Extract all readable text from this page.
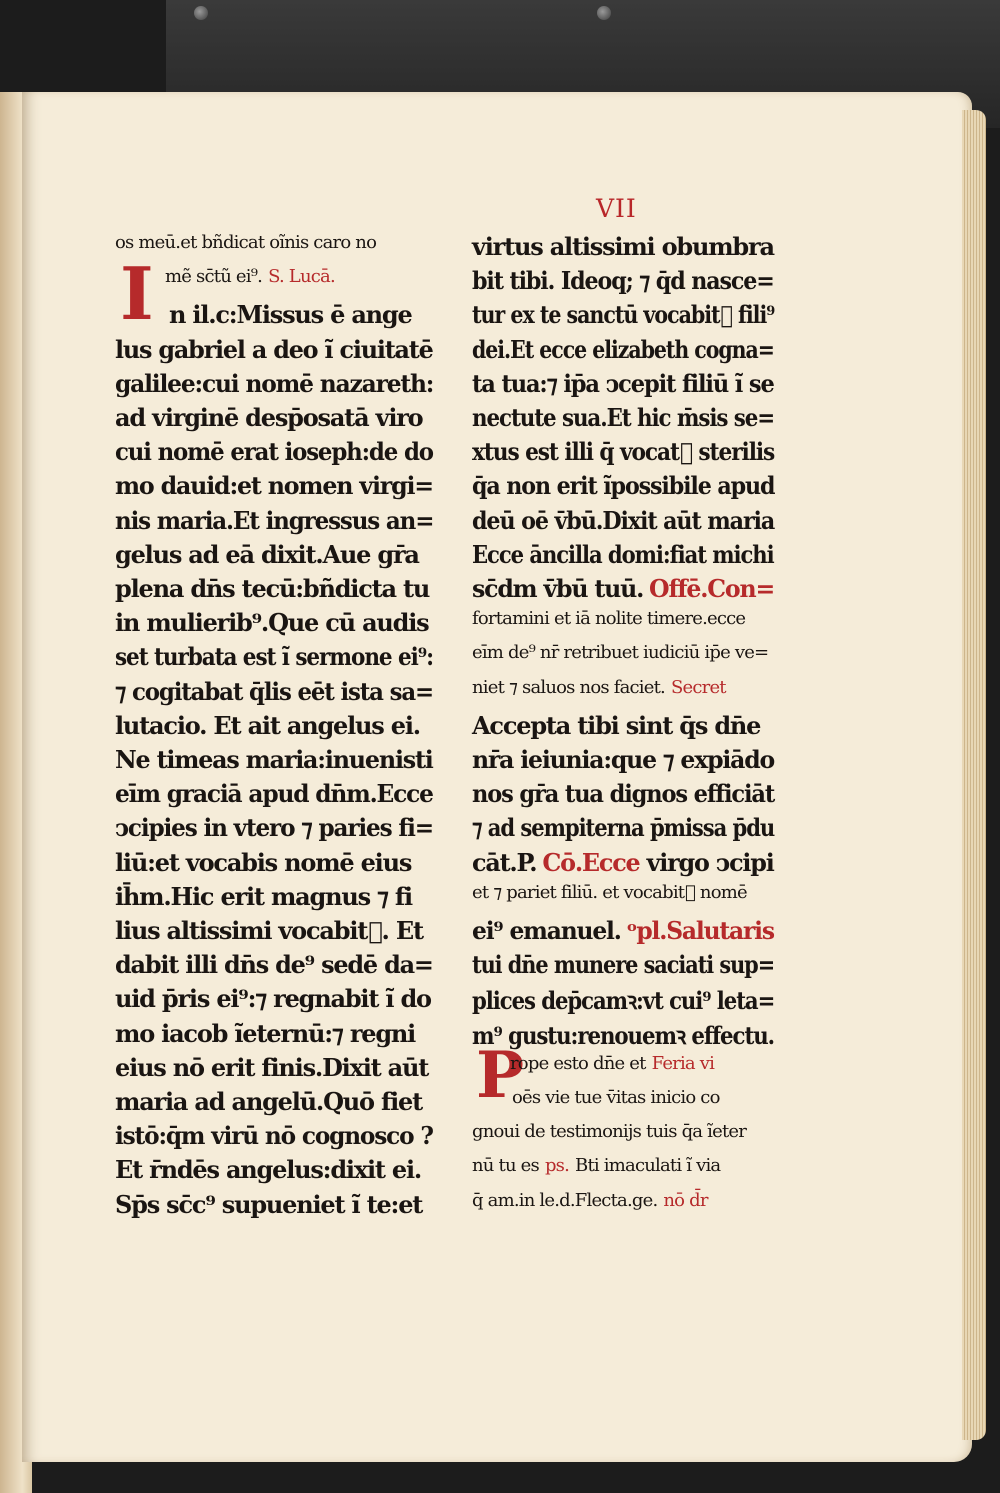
VII
I
P
os meū.et bñdicat oĩnis caro no
mẽ sc̄tũ ei⁹. S. Lucā.
n il.c:Missus ē ange
lus gabriel a deo ĩ ciuitatē
galilee:cui nomē nazareth:
ad virginē desp̄osatā viro
cui nomē erat ioseph:de do
mo dauid:et nomen virgi=
nis maria.Et ingressus an=
gelus ad eā dixit.Aue gr̄a
plena dn̄s tecū:bñdicta tu
in mulierib⁹.Que cū audis
set turbata est ĩ sermone ei⁹:
⁊ cogitabat q̄lis eēt ista sa=
lutacio. Et ait angelus ei.
Ne timeas maria:inuenisti
eīm graciā apud dn̄m.Ecce
ↄcipies in vtero ⁊ paries fi=
liū:et vocabis nomē eius
ih̄m.Hic erit magnus ⁊ fi
lius altissimi vocabit᷑. Et
dabit illi dn̄s de⁹ sedē da=
uid p̄ris ei⁹:⁊ regnabit ĩ do
mo iacob ĩeternū:⁊ regni
eius nō erit finis.Dixit aūt
maria ad angelū.Quō fiet
istō:q̄m virū nō cognosco ?
Et r̄ndēs angelus:dixit ei.
Sp̄s sc̄c⁹ supueniet ĩ te:et
virtus altissimi obumbra
bit tibi. Ideoq; ⁊ q̄d nasce=
tur ex te sanctū vocabit᷑ fili⁹
dei.Et ecce elizabeth cogna=
ta tua:⁊ ip̄a ↄcepit filiū ĩ se
nectute sua.Et hic m̄sis se=
xtus est illi q̄ vocat᷑ sterilis
q̄a non erit ĩpossibile apud
deū oē v̄bū.Dixit aūt maria
Ecce āncilla domi:fiat michi
sc̄dm v̄bū tuū. Offē.Con=
fortamini et iā nolite timere.ecce
eīm de⁹ nr̄ retribuet iudiciū ip̄e ve=
niet ⁊ saluos nos faciet. Secret
Accepta tibi sint q̄s dn̄e
nr̄a ieiunia:que ⁊ expiādo
nos gr̄a tua dignos efficiāt
⁊ ad sempiterna p̄missa p̄du
cāt.P. Cō.Ecce virgo ↄcipi
et ⁊ pariet filiū. et vocabit᷑ nomē
ei⁹ emanuel. ᵒpl.Salutaris
tui dn̄e munere saciati sup=
plices dep̄camꝛ:vt cui⁹ leta=
m⁹ gustu:renouemꝛ effectu.
rope esto dn̄e et Feria vi
oēs vie tue v̄itas inicio co
gnoui de testimonijs tuis q̄a ĩeter
nū tu es ps. Bti imaculati ĩ via
q̄ am.in le.d.Flecta.ge. nō d̄r
